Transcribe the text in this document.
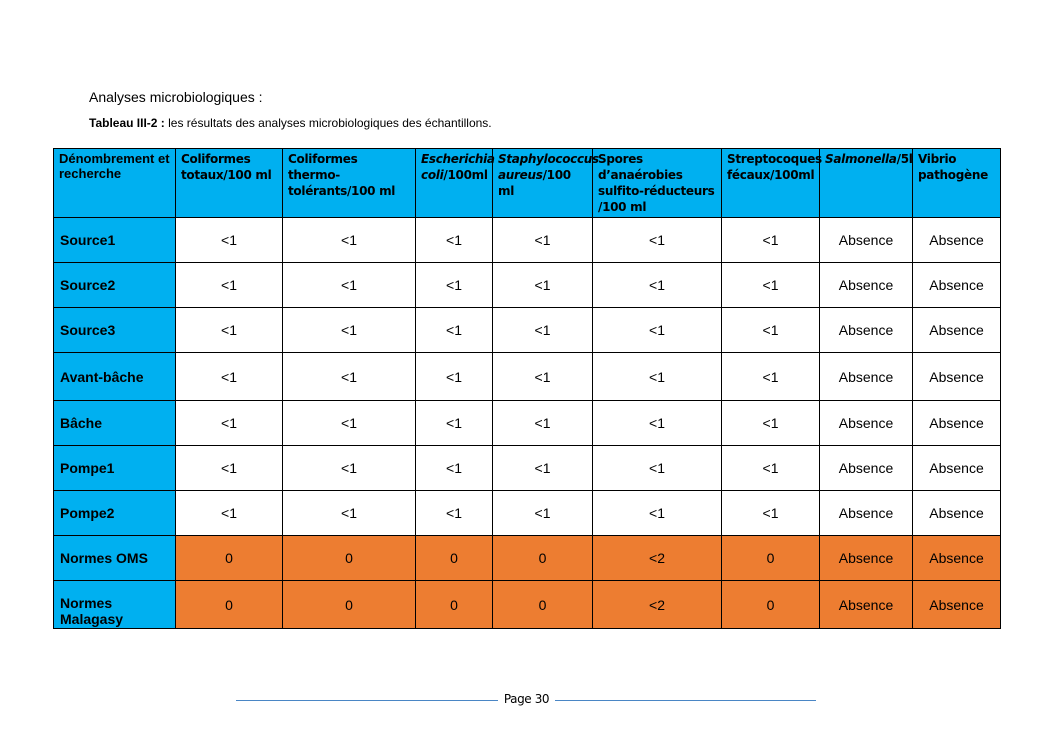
Analyses microbiologiques :
Tableau III-2 : les résultats des analyses microbiologiques des échantillons.
Dénombrement et recherche	Coliformes totaux/100 ml	Coliformes thermo-tolérants/100 ml	Escherichia coli/100ml	Staphylococcus aureus/100 ml	Spores d’anaérobies sulfito-réducteurs /100 ml	Streptocoques fécaux/100ml	Salmonella/5l	Vibrio pathogène
Source1	<1	<1	<1	<1	<1	<1	Absence	Absence
Source2	<1	<1	<1	<1	<1	<1	Absence	Absence
Source3	<1	<1	<1	<1	<1	<1	Absence	Absence
Avant-bâche	<1	<1	<1	<1	<1	<1	Absence	Absence
Bâche	<1	<1	<1	<1	<1	<1	Absence	Absence
Pompe1	<1	<1	<1	<1	<1	<1	Absence	Absence
Pompe2	<1	<1	<1	<1	<1	<1	Absence	Absence
Normes OMS	0	0	0	0	<2	0	Absence	Absence
Normes Malagasy	0	0	0	0	<2	0	Absence	Absence
Page 30
